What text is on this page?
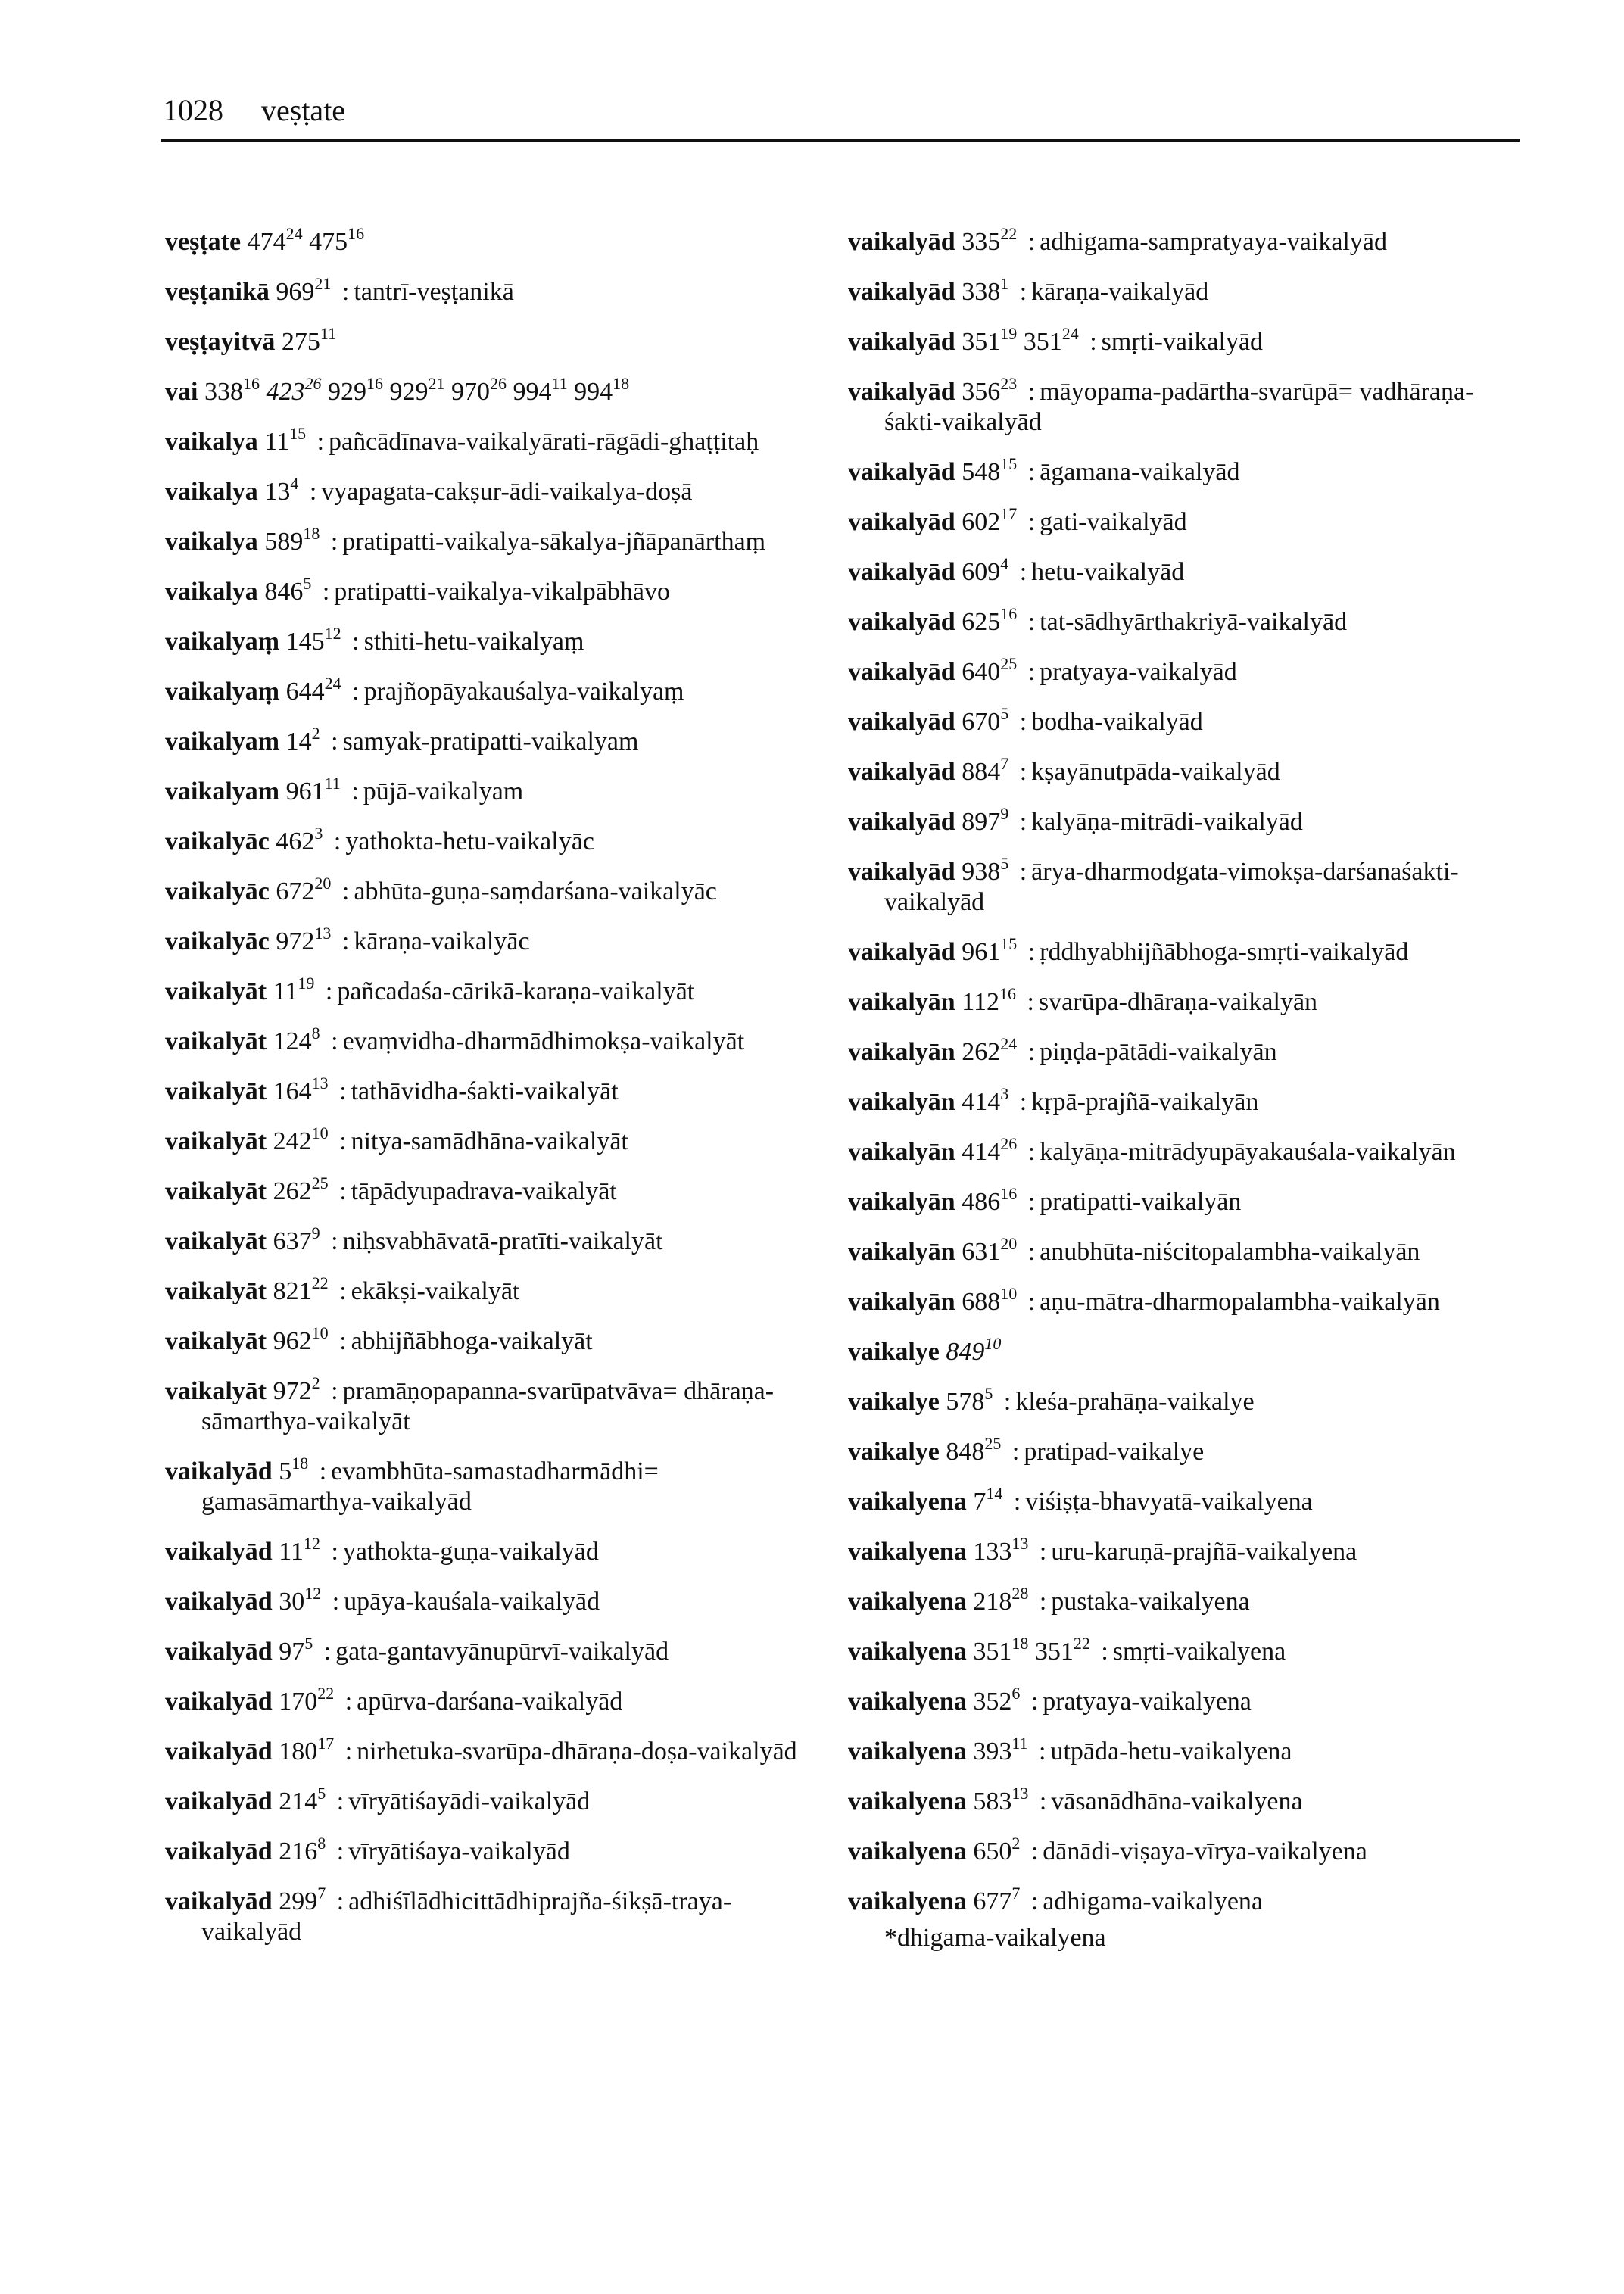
1028 veṣṭate
veṣṭate $474^{24}$ $475^{16}$
veṣṭanikā $969^{21}$ : tantrī-veṣṭanikā
veṣṭayitvā $275^{11}$
vai $338^{16}$ $423^{26}$ $929^{16}$ $929^{21}$ $970^{26}$ $994^{11}$ $994^{18}$
vaikalya $11^{15}$ : pañcādīnava-vaikalyārati-rāgādi-ghaṭṭitaḥ
vaikalya $13^4$ : vyapagata-cakṣur-ādi-vaikalya-doṣā
vaikalya $589^{18}$ : pratipatti-vaikalya-sākalya-jñāpanārthaṃ
vaikalya $846^5$ : pratipatti-vaikalya-vikalpābhāvo
vaikalyaṃ $145^{12}$ : sthiti-hetu-vaikalyaṃ
vaikalyaṃ $644^{24}$ : prajñopāyakauśalya-vaikalyaṃ
vaikalyam $14^2$ : samyak-pratipatti-vaikalyam
vaikalyam $961^{11}$ : pūjā-vaikalyam
vaikalyāc $462^3$ : yathokta-hetu-vaikalyāc
vaikalyāc $672^{20}$ : abhūta-guṇa-saṃdarśana-vaikalyāc
vaikalyāc $972^{13}$ : kāraṇa-vaikalyāc
vaikalyāt $11^{19}$ : pañcadaśa-cārikā-karaṇa-vaikalyāt
vaikalyāt $124^8$ : evaṃvidha-dharmādhimokṣa-vaikalyāt
vaikalyāt $164^{13}$ : tathāvidha-śakti-vaikalyāt
vaikalyāt $242^{10}$ : nitya-samādhāna-vaikalyāt
vaikalyāt $262^{25}$ : tāpādyupadrava-vaikalyāt
vaikalyāt $637^9$ : niḥsvabhāvatā-pratīti-vaikalyāt
vaikalyāt $821^{22}$ : ekākṣi-vaikalyāt
vaikalyāt $962^{10}$ : abhijñābhoga-vaikalyāt
vaikalyāt $972^2$ : pramāṇopapanna-svarūpatvāva= dhāraṇa-sāmarthya-vaikalyāt
vaikalyād $5^{18}$ : evambhūta-samastadharmādhi= gamasāmarthya-vaikalyād
vaikalyād $11^{12}$ : yathokta-guṇa-vaikalyād
vaikalyād $30^{12}$ : upāya-kauśala-vaikalyād
vaikalyād $97^5$ : gata-gantavyānupūrvī-vaikalyād
vaikalyād $170^{22}$ : apūrva-darśana-vaikalyād
vaikalyād $180^{17}$ : nirhetuka-svarūpa-dhāraṇa-doṣa-vaikalyād
vaikalyād $214^5$ : vīryātiśayādi-vaikalyād
vaikalyād $216^8$ : vīryātiśaya-vaikalyād
vaikalyād $299^7$ : adhiśīlādhicittādhiprajña-śikṣā-traya-vaikalyād
vaikalyād $335^{22}$ : adhigama-sampratyaya-vaikalyād
vaikalyād $338^1$ : kāraṇa-vaikalyād
vaikalyād $351^{19}$ $351^{24}$ : smṛti-vaikalyād
vaikalyād $356^{23}$ : māyopama-padārtha-svarūpā= vadhāraṇa-śakti-vaikalyād
vaikalyād $548^{15}$ : āgamana-vaikalyād
vaikalyād $602^{17}$ : gati-vaikalyād
vaikalyād $609^4$ : hetu-vaikalyād
vaikalyād $625^{16}$ : tat-sādhyārthakriyā-vaikalyād
vaikalyād $640^{25}$ : pratyaya-vaikalyād
vaikalyād $670^5$ : bodha-vaikalyād
vaikalyād $884^7$ : kṣayānutpāda-vaikalyād
vaikalyād $897^9$ : kalyāṇa-mitrādi-vaikalyād
vaikalyād $938^5$ : ārya-dharmodgata-vimokṣa-darśanaśakti-vaikalyād
vaikalyād $961^{15}$ : ṛddhyabhijñābhoga-smṛti-vaikalyād
vaikalyān $112^{16}$ : svarūpa-dhāraṇa-vaikalyān
vaikalyān $262^{24}$ : piṇḍa-pātādi-vaikalyān
vaikalyān $414^3$ : kṛpā-prajñā-vaikalyān
vaikalyān $414^{26}$ : kalyāṇa-mitrādyupāyakauśala-vaikalyān
vaikalyān $486^{16}$ : pratipatti-vaikalyān
vaikalyān $631^{20}$ : anubhūta-niścitopalambha-vaikalyān
vaikalyān $688^{10}$ : aṇu-mātra-dharmopalambha-vaikalyān
vaikalye $849^{10}$
vaikalye $578^5$ : kleśa-prahāṇa-vaikalye
vaikalye $848^{25}$ : pratipad-vaikalye
vaikalyena $7^{14}$ : viśiṣṭa-bhavyatā-vaikalyena
vaikalyena $133^{13}$ : uru-karuṇā-prajñā-vaikalyena
vaikalyena $218^{28}$ : pustaka-vaikalyena
vaikalyena $351^{18}$ $351^{22}$ : smṛti-vaikalyena
vaikalyena $352^6$ : pratyaya-vaikalyena
vaikalyena $393^{11}$ : utpāda-hetu-vaikalyena
vaikalyena $583^{13}$ : vāsanādhāna-vaikalyena
vaikalyena $650^2$ : dānādi-viṣaya-vīrya-vaikalyena
vaikalyena $677^7$ : adhigama-vaikalyena
*dhigama-vaikalyena
